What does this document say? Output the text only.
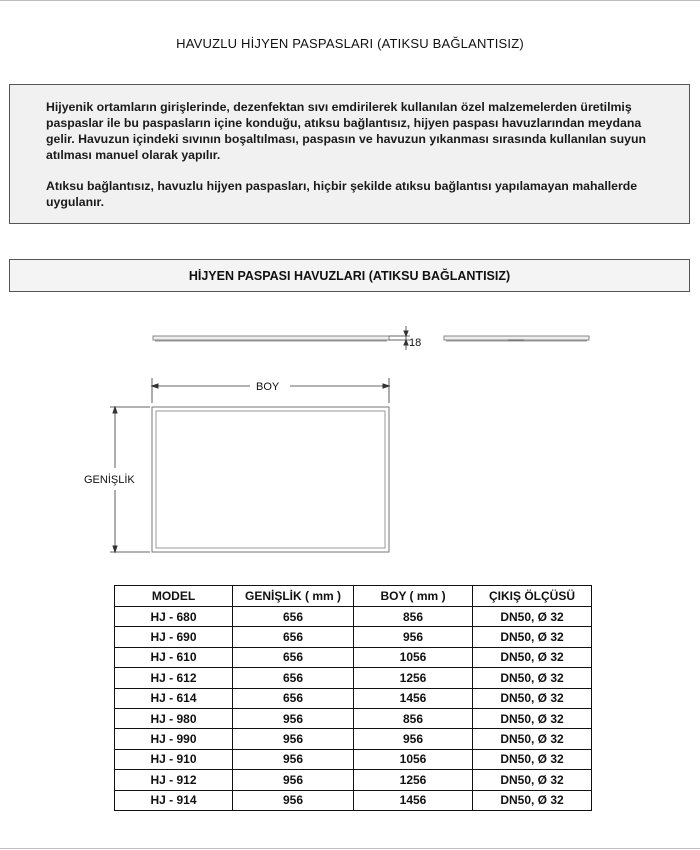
HAVUZLU HİJYEN PASPASLARI (ATIKSU BAĞLANTISIZ)

Hijyenik ortamların girişlerinde, dezenfektan sıvı emdirilerek kullanılan özel malzemelerden üretilmiş paspaslar ile bu paspasların içine konduğu, atıksu bağlantısız, hijyen paspası havuzlarından meydana gelir. Havuzun içindeki sıvının boşaltılması, paspasın ve havuzun yıkanması sırasında kullanılan suyun atılması manuel olarak yapılır.

Atıksu bağlantısız, havuzlu hijyen paspasları, hiçbir şekilde atıksu bağlantısı yapılamayan mahallerde uygulanır.

HİJYEN PASPASI HAVUZLARI (ATIKSU BAĞLANTISIZ)
18
BOY
GENİŞLİK
MODEL	GENİŞLİK ( mm )	BOY ( mm )	ÇIKIŞ ÖLÇÜSÜ
HJ - 680	656	856	DN50, Ø 32
HJ - 690	656	956	DN50, Ø 32
HJ - 610	656	1056	DN50, Ø 32
HJ - 612	656	1256	DN50, Ø 32
HJ - 614	656	1456	DN50, Ø 32
HJ - 980	956	856	DN50, Ø 32
HJ - 990	956	956	DN50, Ø 32
HJ - 910	956	1056	DN50, Ø 32
HJ - 912	956	1256	DN50, Ø 32
HJ - 914	956	1456	DN50, Ø 32
